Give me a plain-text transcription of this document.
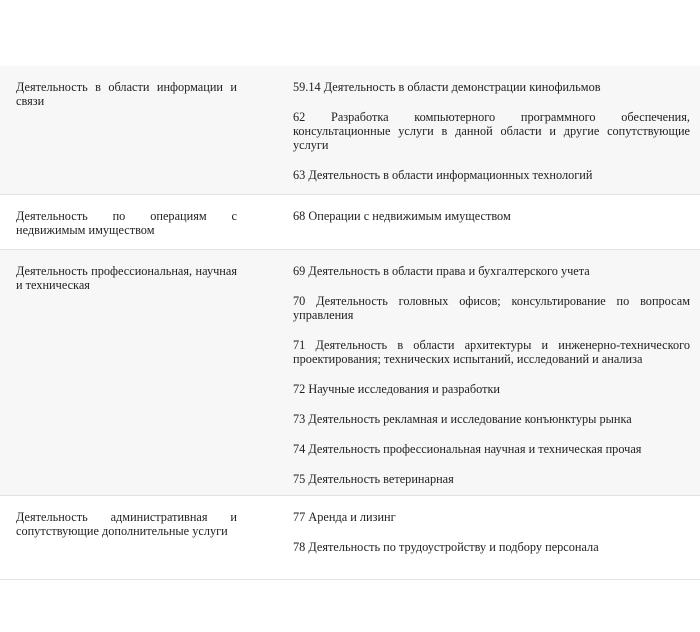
Деятельность в области информации и связи
59.14 Деятельность в области демонстрации кинофильмов
62 Разработка компьютерного программного обеспечения, консультационные услуги в данной области и другие сопутствующие услуги
63 Деятельность в области информационных технологий
Деятельность по операциям с недвижимым имуществом
68 Операции с недвижимым имуществом
Деятельность профессиональная, научная и техническая
69 Деятельность в области права и бухгалтерского учета
70 Деятельность головных офисов; консультирование по вопросам управления
71 Деятельность в области архитектуры и инженерно-технического проектирования; технических испытаний, исследований и анализа
72 Научные исследования и разработки
73 Деятельность рекламная и исследование конъюнктуры рынка
74 Деятельность профессиональная научная и техническая прочая
75 Деятельность ветеринарная
Деятельность административная и сопутствующие дополнительные услуги
77 Аренда и лизинг
78 Деятельность по трудоустройству и подбору персонала
